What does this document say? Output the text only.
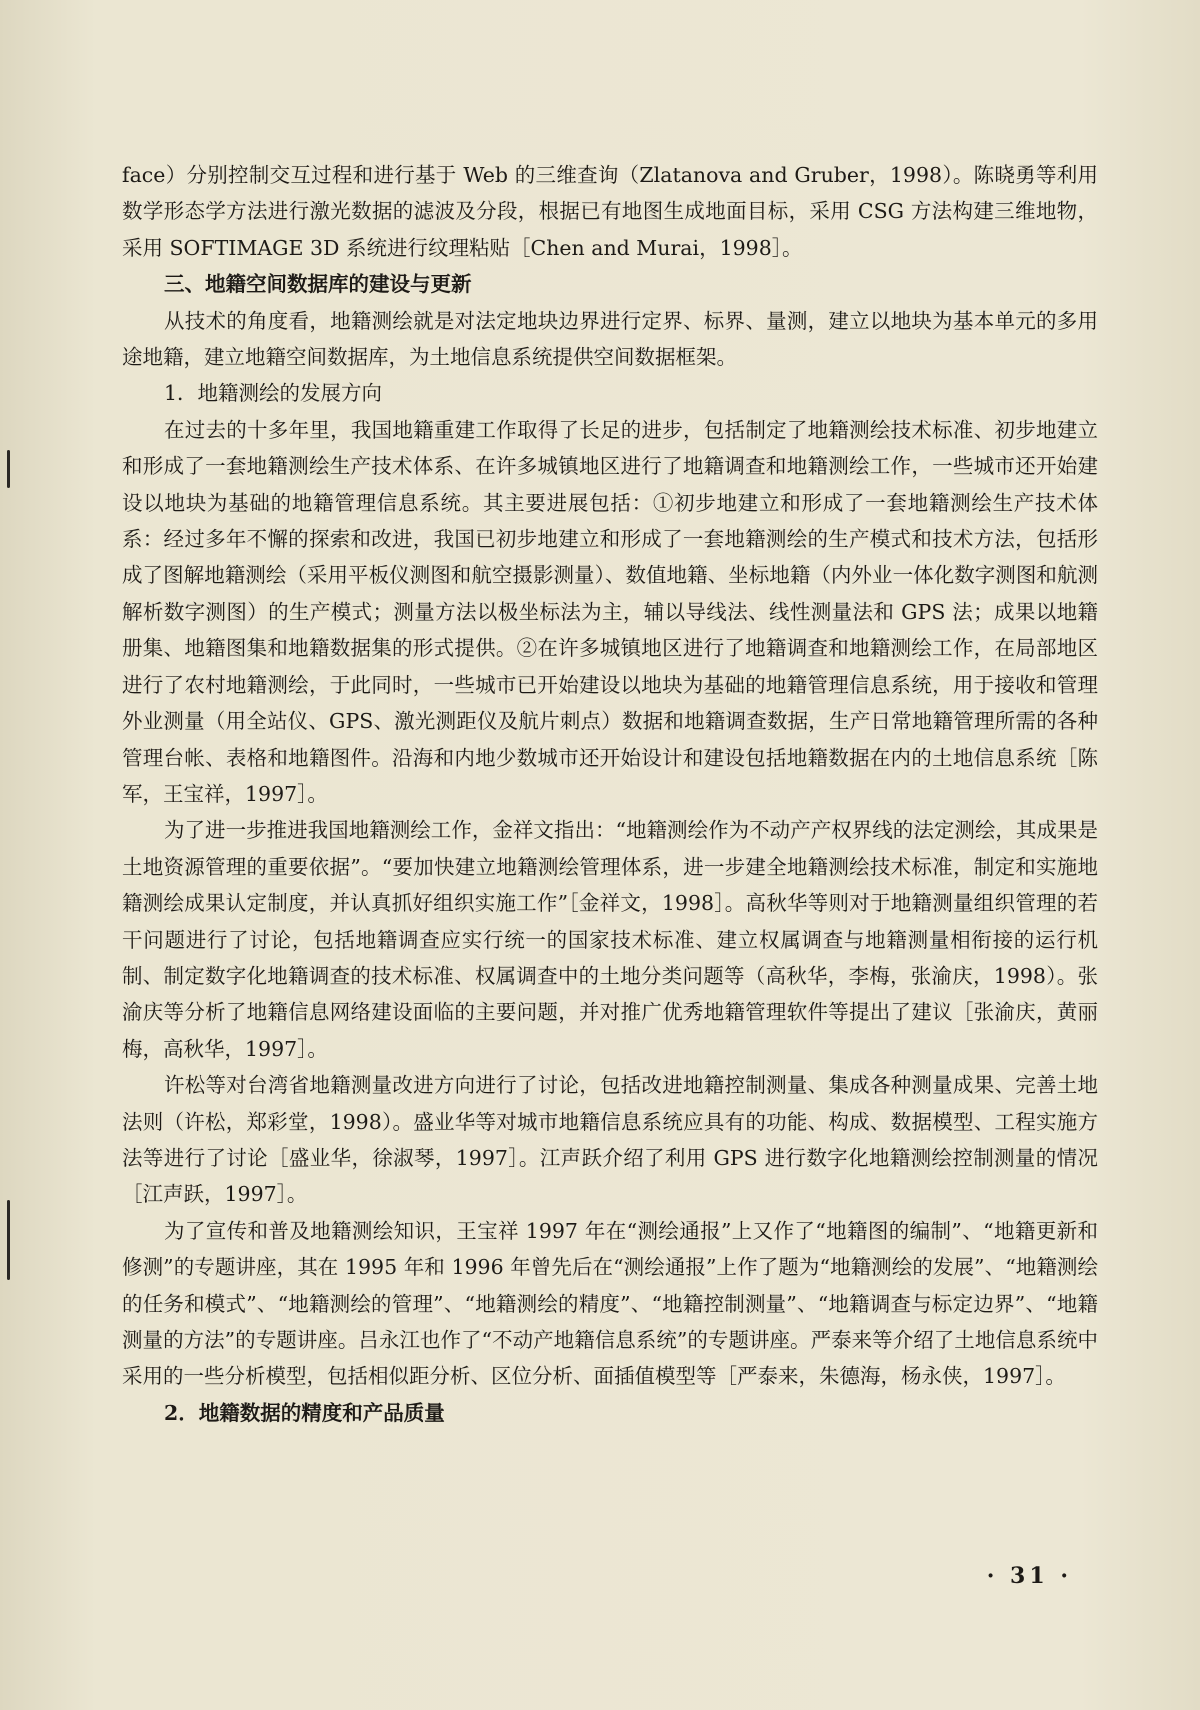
face）分别控制交互过程和进行基于 Web 的三维查询（Zlatanova and Gruber，1998）。陈晓勇等利用数学形态学方法进行激光数据的滤波及分段，根据已有地图生成地面目标，采用 CSG 方法构建三维地物，采用 SOFTIMAGE 3D 系统进行纹理粘贴［Chen and Murai，1998］。

三、地籍空间数据库的建设与更新

从技术的角度看，地籍测绘就是对法定地块边界进行定界、标界、量测，建立以地块为基本单元的多用途地籍，建立地籍空间数据库，为土地信息系统提供空间数据框架。

1．地籍测绘的发展方向

在过去的十多年里，我国地籍重建工作取得了长足的进步，包括制定了地籍测绘技术标准、初步地建立和形成了一套地籍测绘生产技术体系、在许多城镇地区进行了地籍调查和地籍测绘工作，一些城市还开始建设以地块为基础的地籍管理信息系统。其主要进展包括：①初步地建立和形成了一套地籍测绘生产技术体系：经过多年不懈的探索和改进，我国已初步地建立和形成了一套地籍测绘的生产模式和技术方法，包括形成了图解地籍测绘（采用平板仪测图和航空摄影测量）、数值地籍、坐标地籍（内外业一体化数字测图和航测解析数字测图）的生产模式；测量方法以极坐标法为主，辅以导线法、线性测量法和 GPS 法；成果以地籍册集、地籍图集和地籍数据集的形式提供。②在许多城镇地区进行了地籍调查和地籍测绘工作，在局部地区进行了农村地籍测绘，于此同时，一些城市已开始建设以地块为基础的地籍管理信息系统，用于接收和管理外业测量（用全站仪、GPS、激光测距仪及航片刺点）数据和地籍调查数据，生产日常地籍管理所需的各种管理台帐、表格和地籍图件。沿海和内地少数城市还开始设计和建设包括地籍数据在内的土地信息系统［陈军，王宝祥，1997］。

为了进一步推进我国地籍测绘工作，金祥文指出：“地籍测绘作为不动产产权界线的法定测绘，其成果是土地资源管理的重要依据”。“要加快建立地籍测绘管理体系，进一步建全地籍测绘技术标准，制定和实施地籍测绘成果认定制度，并认真抓好组织实施工作”［金祥文，1998］。高秋华等则对于地籍测量组织管理的若干问题进行了讨论，包括地籍调查应实行统一的国家技术标准、建立权属调查与地籍测量相衔接的运行机制、制定数字化地籍调查的技术标准、权属调查中的土地分类问题等（高秋华，李梅，张渝庆，1998）。张渝庆等分析了地籍信息网络建设面临的主要问题，并对推广优秀地籍管理软件等提出了建议［张渝庆，黄丽梅，高秋华，1997］。

许松等对台湾省地籍测量改进方向进行了讨论，包括改进地籍控制测量、集成各种测量成果、完善土地法则（许松，郑彩堂，1998）。盛业华等对城市地籍信息系统应具有的功能、构成、数据模型、工程实施方法等进行了讨论［盛业华，徐淑琴，1997］。江声跃介绍了利用 GPS 进行数字化地籍测绘控制测量的情况［江声跃，1997］。

为了宣传和普及地籍测绘知识，王宝祥 1997 年在“测绘通报”上又作了“地籍图的编制”、“地籍更新和修测”的专题讲座，其在 1995 年和 1996 年曾先后在“测绘通报”上作了题为“地籍测绘的发展”、“地籍测绘的任务和模式”、“地籍测绘的管理”、“地籍测绘的精度”、“地籍控制测量”、“地籍调查与标定边界”、“地籍测量的方法”的专题讲座。吕永江也作了“不动产地籍信息系统”的专题讲座。严泰来等介绍了土地信息系统中采用的一些分析模型，包括相似距分析、区位分析、面插值模型等［严泰来，朱德海，杨永侠，1997］。

2．地籍数据的精度和产品质量

· 31 ·
